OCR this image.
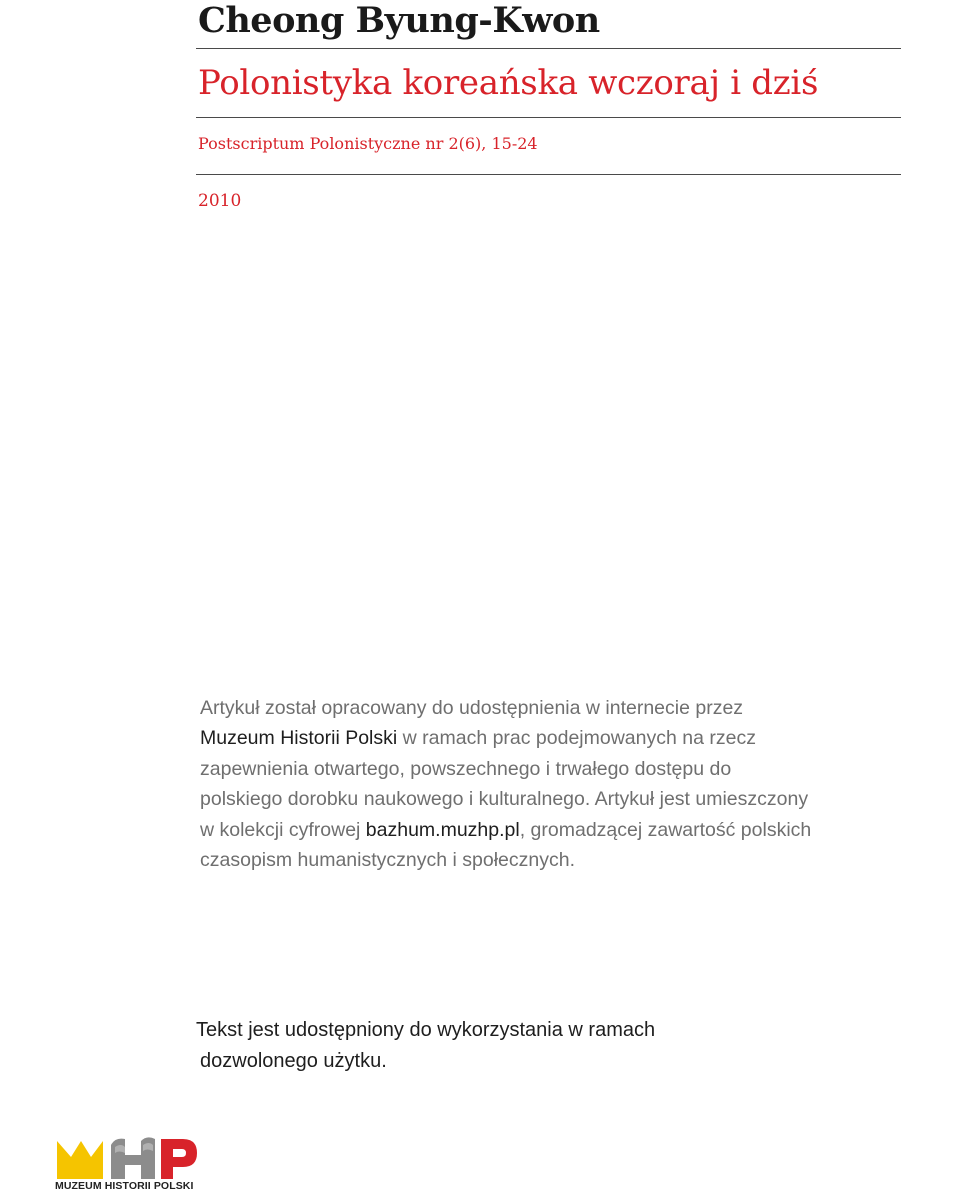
Cheong Byung-Kwon
Polonistyka koreańska wczoraj i dziś
Postscriptum Polonistyczne nr 2(6), 15-24
2010
Artykuł został opracowany do udostępnienia w internecie przez
Muzeum Historii Polski w ramach prac podejmowanych na rzecz
zapewnienia otwartego, powszechnego i trwałego dostępu do
polskiego dorobku naukowego i kulturalnego. Artykuł jest umieszczony
w kolekcji cyfrowej bazhum.muzhp.pl, gromadzącej zawartość polskich
czasopism humanistycznych i społecznych.
Tekst jest udostępniony do wykorzystania w ramach
dozwolonego użytku.
MUZEUM HISTORII POLSKI
